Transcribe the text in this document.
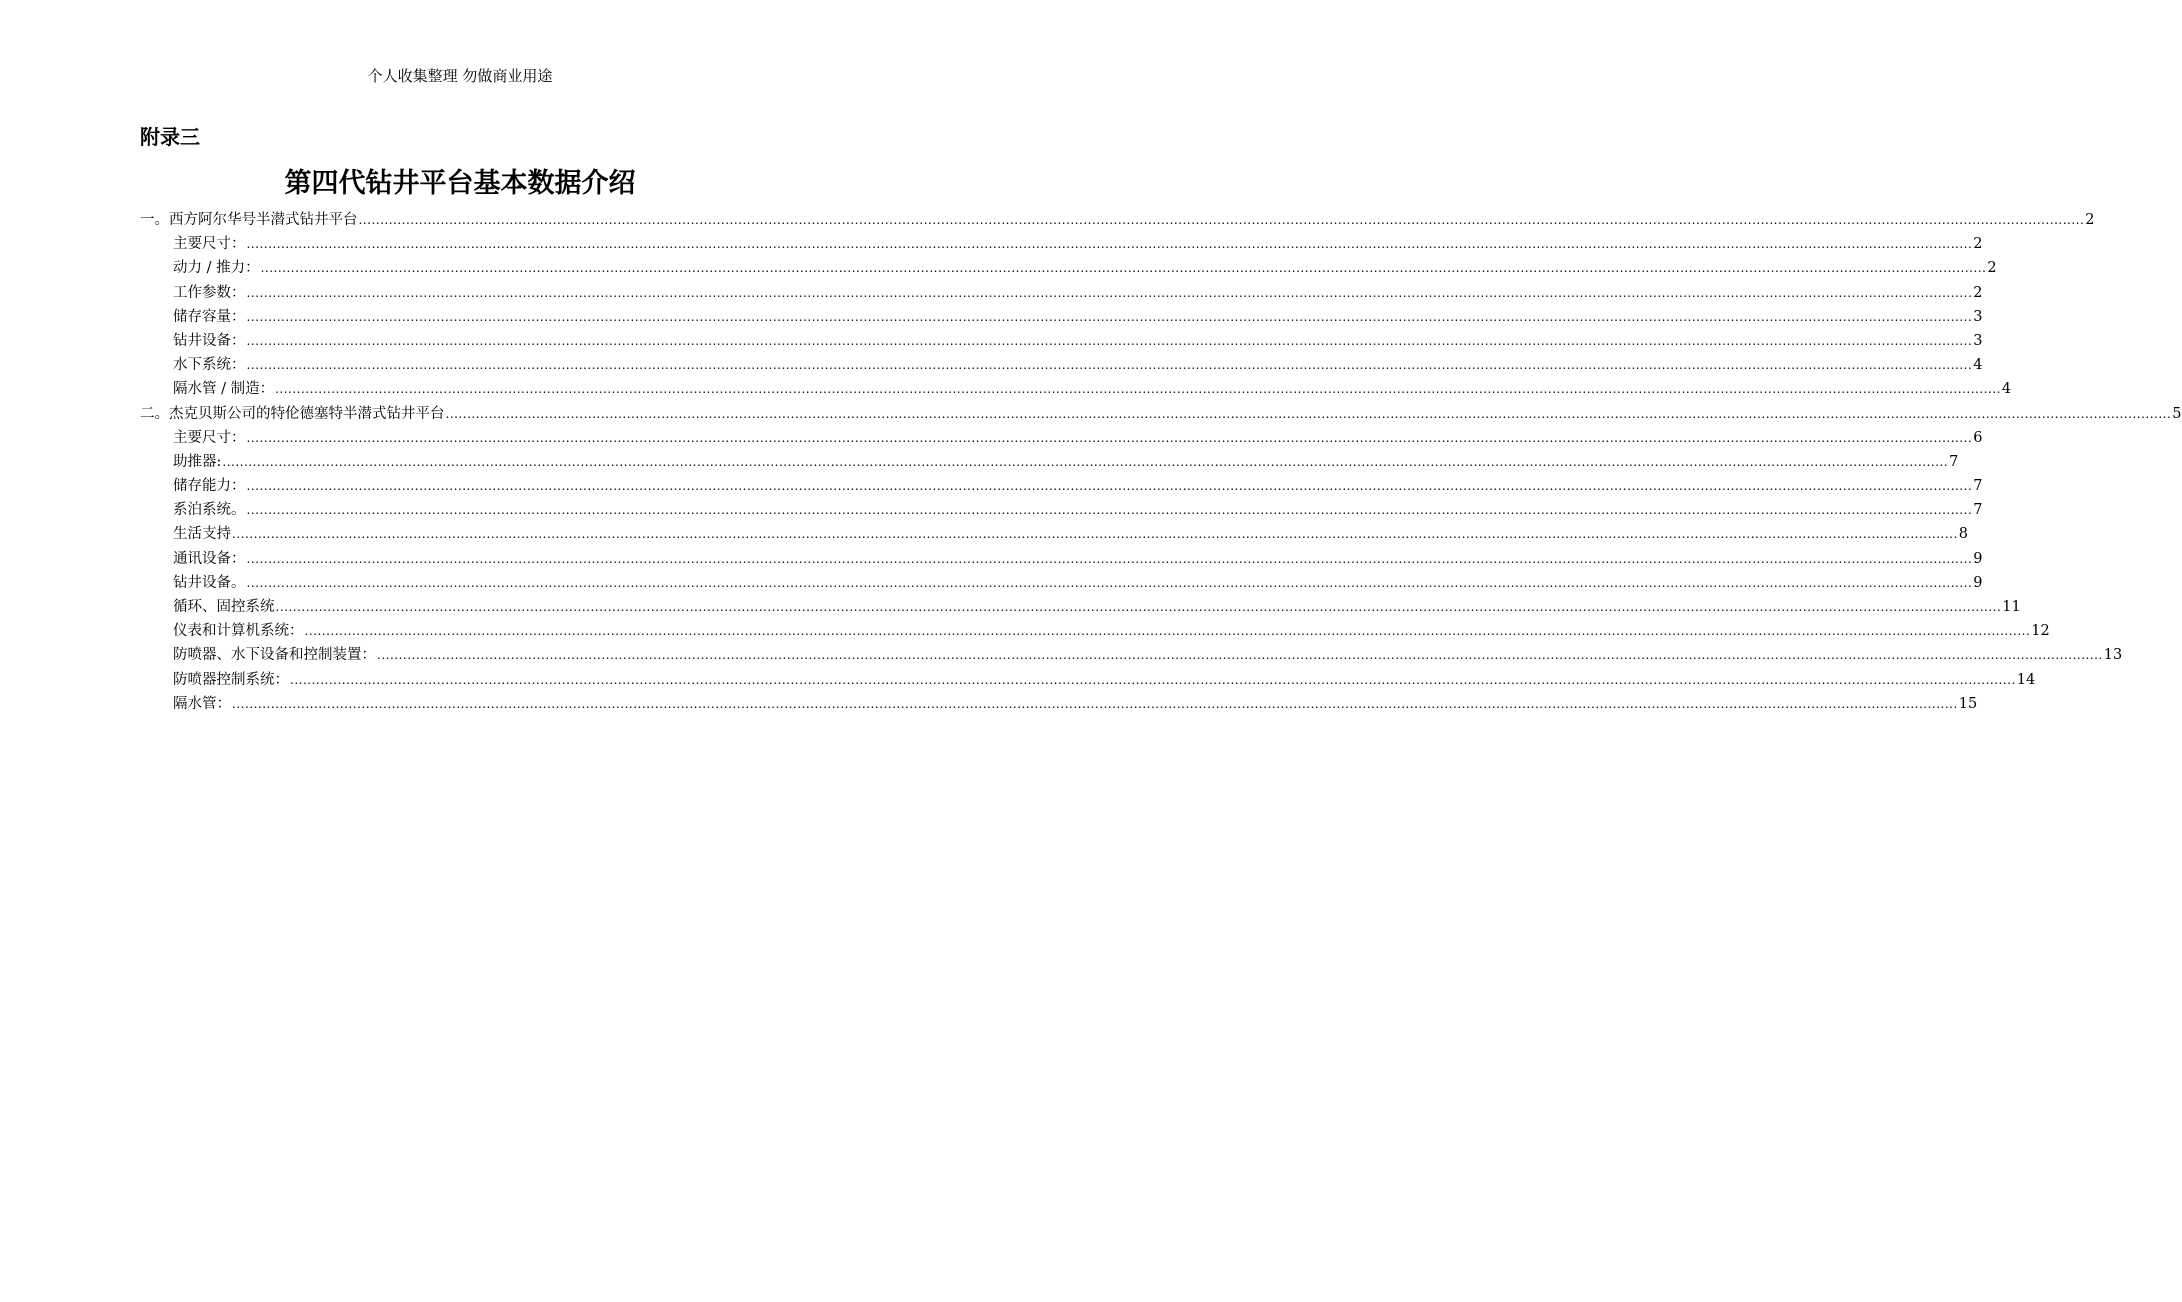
个人收集整理 勿做商业用途
附录三
第四代钻井平台基本数据介绍
一。西方阿尔华号半潜式钻井平台 ................................................................................................................................................................................................................................................................................................................................................................................................................ 2
主要尺寸： ................................................................................................................................................................................................................................................................................................................................................................................................................ 2
动力 / 推力： ................................................................................................................................................................................................................................................................................................................................................................................................................ 2
工作参数： ................................................................................................................................................................................................................................................................................................................................................................................................................ 2
储存容量： ................................................................................................................................................................................................................................................................................................................................................................................................................ 3
钻井设备： ................................................................................................................................................................................................................................................................................................................................................................................................................ 3
水下系统： ................................................................................................................................................................................................................................................................................................................................................................................................................ 4
隔水管 / 制造： ................................................................................................................................................................................................................................................................................................................................................................................................................ 4
二。杰克贝斯公司的特伦德塞特半潜式钻井平台 ................................................................................................................................................................................................................................................................................................................................................................................................................ 5
主要尺寸： ................................................................................................................................................................................................................................................................................................................................................................................................................ 6
助推器: ................................................................................................................................................................................................................................................................................................................................................................................................................ 7
储存能力： ................................................................................................................................................................................................................................................................................................................................................................................................................ 7
系泊系统。 ................................................................................................................................................................................................................................................................................................................................................................................................................ 7
生活支持 ................................................................................................................................................................................................................................................................................................................................................................................................................ 8
通讯设备： ................................................................................................................................................................................................................................................................................................................................................................................................................ 9
钻井设备。 ................................................................................................................................................................................................................................................................................................................................................................................................................ 9
循环、固控系统 ................................................................................................................................................................................................................................................................................................................................................................................................................ 11
仪表和计算机系统： ................................................................................................................................................................................................................................................................................................................................................................................................................ 12
防喷器、水下设备和控制装置： ................................................................................................................................................................................................................................................................................................................................................................................................................ 13
防喷器控制系统： ................................................................................................................................................................................................................................................................................................................................................................................................................ 14
隔水管： ................................................................................................................................................................................................................................................................................................................................................................................................................ 15
